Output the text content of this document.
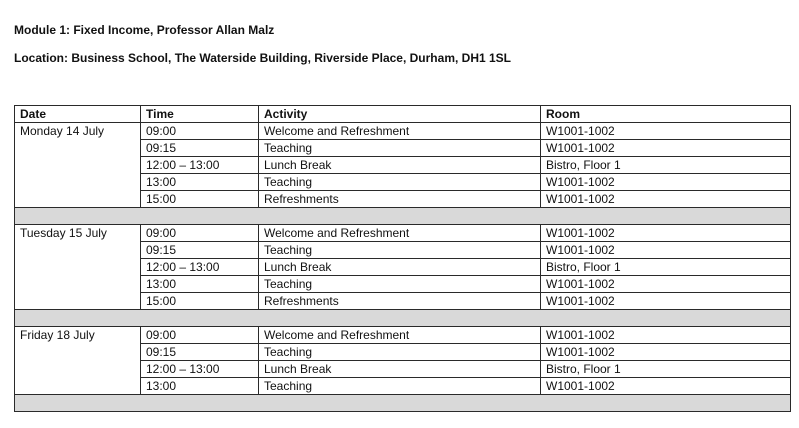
Module 1: Fixed Income, Professor Allan Malz
Location: Business School, The Waterside Building, Riverside Place, Durham, DH1 1SL
Date	Time	Activity	Room
Monday 14 July	09:00	Welcome and Refreshment	W1001-1002
	09:15	Teaching	W1001-1002
	12:00 – 13:00	Lunch Break	Bistro, Floor 1
	13:00	Teaching	W1001-1002
	15:00	Refreshments	W1001-1002

Tuesday 15 July	09:00	Welcome and Refreshment	W1001-1002
	09:15	Teaching	W1001-1002
	12:00 – 13:00	Lunch Break	Bistro, Floor 1
	13:00	Teaching	W1001-1002
	15:00	Refreshments	W1001-1002

Friday 18 July	09:00	Welcome and Refreshment	W1001-1002
	09:15	Teaching	W1001-1002
	12:00 – 13:00	Lunch Break	Bistro, Floor 1
	13:00	Teaching	W1001-1002
